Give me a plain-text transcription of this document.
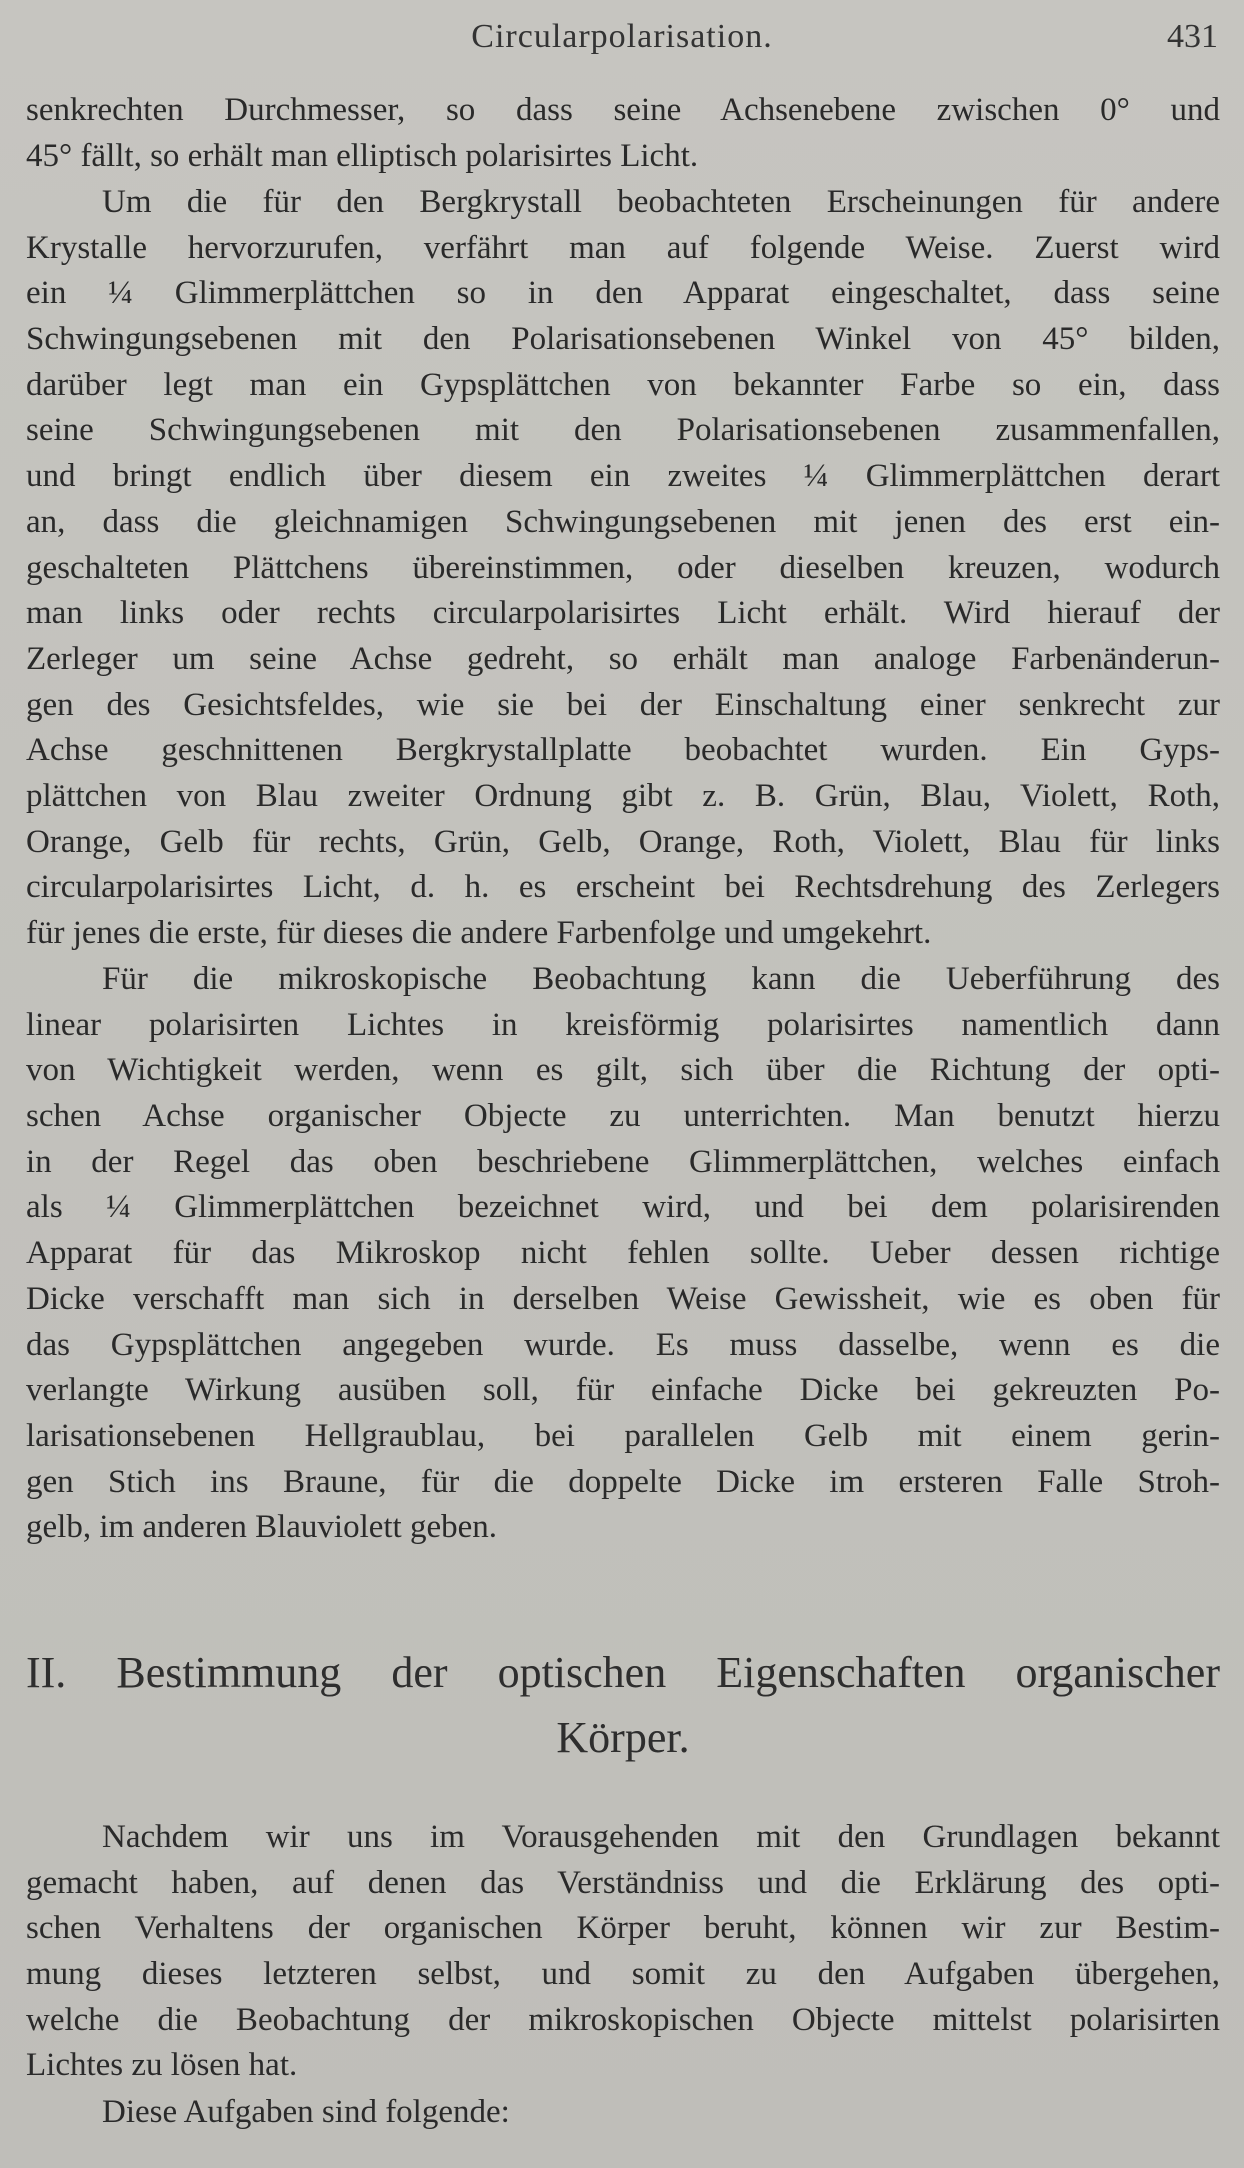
Circularpolarisation.	431
senkrechten Durchmesser, so dass seine Achsenebene zwischen 0° und
45° fällt, so erhält man elliptisch polarisirtes Licht.
Um die für den Bergkrystall beobachteten Erscheinungen für andere
Krystalle hervorzurufen, verfährt man auf folgende Weise. Zuerst wird
ein ¼ Glimmerplättchen so in den Apparat eingeschaltet, dass seine
Schwingungsebenen mit den Polarisationsebenen Winkel von 45° bilden,
darüber legt man ein Gypsplättchen von bekannter Farbe so ein, dass
seine Schwingungsebenen mit den Polarisationsebenen zusammenfallen,
und bringt endlich über diesem ein zweites ¼ Glimmerplättchen derart
an, dass die gleichnamigen Schwingungsebenen mit jenen des erst ein-
geschalteten Plättchens übereinstimmen, oder dieselben kreuzen, wodurch
man links oder rechts circularpolarisirtes Licht erhält. Wird hierauf der
Zerleger um seine Achse gedreht, so erhält man analoge Farbenänderun-
gen des Gesichtsfeldes, wie sie bei der Einschaltung einer senkrecht zur
Achse geschnittenen Bergkrystallplatte beobachtet wurden. Ein Gyps-
plättchen von Blau zweiter Ordnung gibt z. B. Grün, Blau, Violett, Roth,
Orange, Gelb für rechts, Grün, Gelb, Orange, Roth, Violett, Blau für links
circularpolarisirtes Licht, d. h. es erscheint bei Rechtsdrehung des Zerlegers
für jenes die erste, für dieses die andere Farbenfolge und umgekehrt.
Für die mikroskopische Beobachtung kann die Ueberführung des
linear polarisirten Lichtes in kreisförmig polarisirtes namentlich dann
von Wichtigkeit werden, wenn es gilt, sich über die Richtung der opti-
schen Achse organischer Objecte zu unterrichten. Man benutzt hierzu
in der Regel das oben beschriebene Glimmerplättchen, welches einfach
als ¼ Glimmerplättchen bezeichnet wird, und bei dem polarisirenden
Apparat für das Mikroskop nicht fehlen sollte. Ueber dessen richtige
Dicke verschafft man sich in derselben Weise Gewissheit, wie es oben für
das Gypsplättchen angegeben wurde. Es muss dasselbe, wenn es die
verlangte Wirkung ausüben soll, für einfache Dicke bei gekreuzten Po-
larisationsebenen Hellgraublau, bei parallelen Gelb mit einem gerin-
gen Stich ins Braune, für die doppelte Dicke im ersteren Falle Stroh-
gelb, im anderen Blauviolett geben.
II. Bestimmung der optischen Eigenschaften organischer
Körper.
Nachdem wir uns im Vorausgehenden mit den Grundlagen bekannt
gemacht haben, auf denen das Verständniss und die Erklärung des opti-
schen Verhaltens der organischen Körper beruht, können wir zur Bestim-
mung dieses letzteren selbst, und somit zu den Aufgaben übergehen,
welche die Beobachtung der mikroskopischen Objecte mittelst polarisirten
Lichtes zu lösen hat.
Diese Aufgaben sind folgende:
